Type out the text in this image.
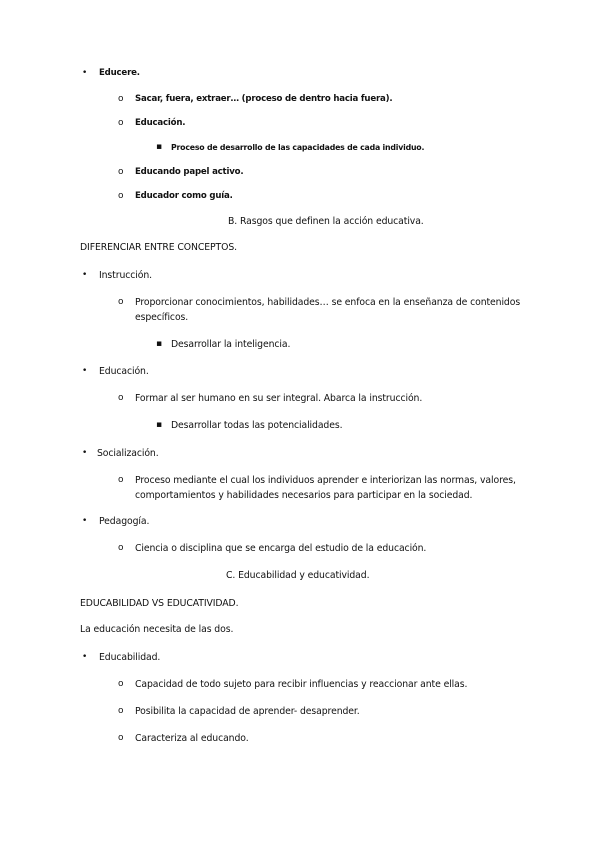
• Educere.
o Sacar, fuera, extraer… (proceso de dentro hacia fuera).
o Educación.
▪ Proceso de desarrollo de las capacidades de cada individuo.
o Educando papel activo.
o Educador como guía.
B. Rasgos que definen la acción educativa.
DIFERENCIAR ENTRE CONCEPTOS.
• Instrucción.
o Proporcionar conocimientos, habilidades… se enfoca en la enseñanza de contenidos específicos.
▪ Desarrollar la inteligencia.
• Educación.
o Formar al ser humano en su ser integral. Abarca la instrucción.
▪ Desarrollar todas las potencialidades.
• Socialización.
o Proceso mediante el cual los individuos aprender e interiorizan las normas, valores, comportamientos y habilidades necesarios para participar en la sociedad.
• Pedagogía.
o Ciencia o disciplina que se encarga del estudio de la educación.
C. Educabilidad y educatividad.
EDUCABILIDAD VS EDUCATIVIDAD.
La educación necesita de las dos.
• Educabilidad.
o Capacidad de todo sujeto para recibir influencias y reaccionar ante ellas.
o Posibilita la capacidad de aprender- desaprender.
o Caracteriza al educando.
